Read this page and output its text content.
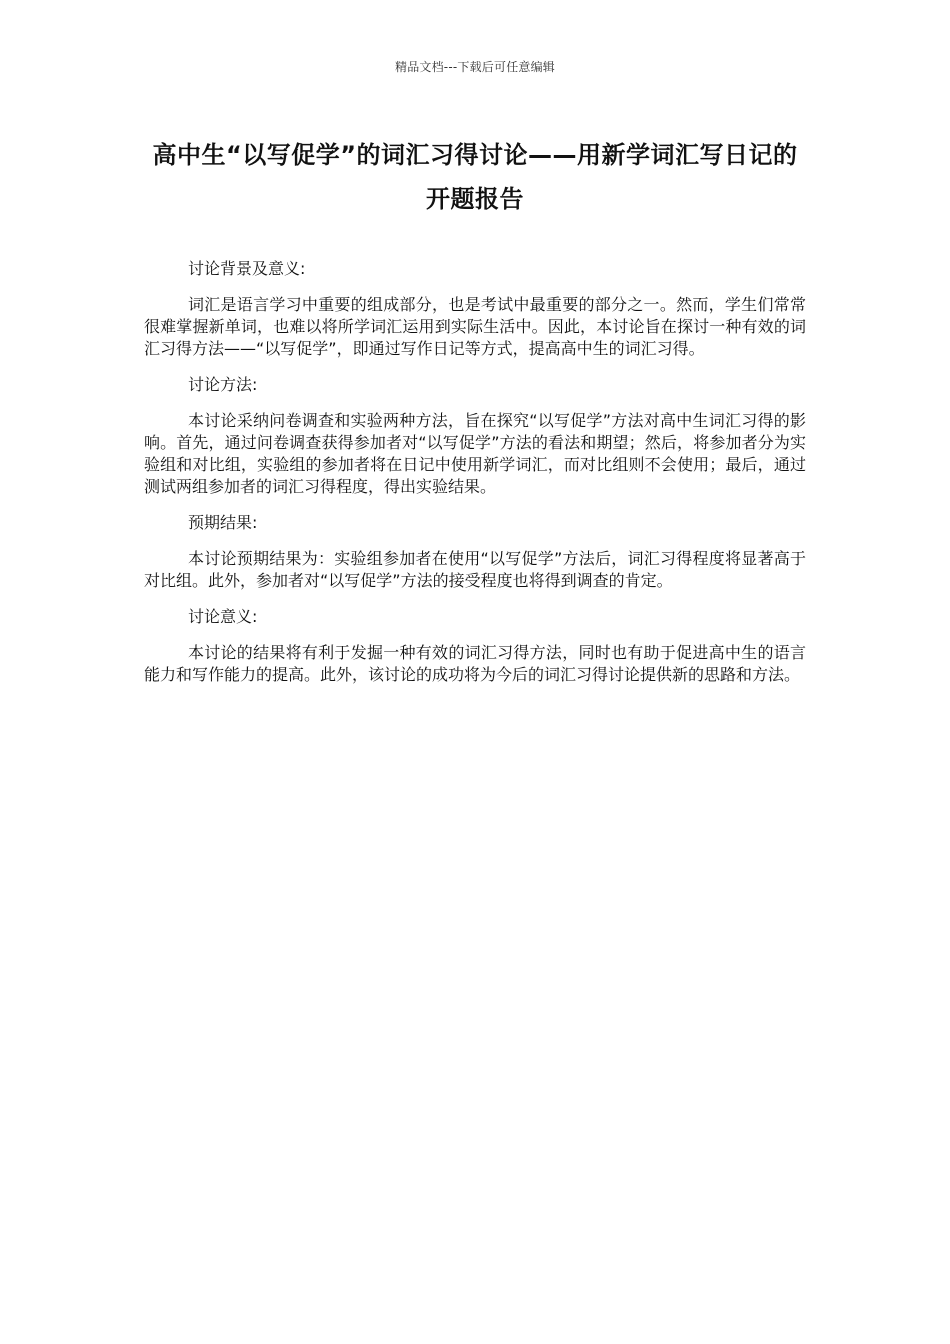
精品文档---下载后可任意编辑
高中生“以写促学”的词汇习得讨论——用新学词汇写日记的开题报告

讨论背景及意义:

词汇是语言学习中重要的组成部分，也是考试中最重要的部分之一。然而，学生们常常很难掌握新单词，也难以将所学词汇运用到实际生活中。因此，本讨论旨在探讨一种有效的词汇习得方法——“以写促学”，即通过写作日记等方式，提高高中生的词汇习得。

讨论方法:

本讨论采纳问卷调查和实验两种方法，旨在探究“以写促学”方法对高中生词汇习得的影响。首先，通过问卷调查获得参加者对“以写促学”方法的看法和期望；然后，将参加者分为实验组和对比组，实验组的参加者将在日记中使用新学词汇，而对比组则不会使用；最后，通过测试两组参加者的词汇习得程度，得出实验结果。

预期结果:

本讨论预期结果为：实验组参加者在使用“以写促学”方法后，词汇习得程度将显著高于对比组。此外，参加者对“以写促学”方法的接受程度也将得到调查的肯定。

讨论意义:

本讨论的结果将有利于发掘一种有效的词汇习得方法，同时也有助于促进高中生的语言能力和写作能力的提高。此外，该讨论的成功将为今后的词汇习得讨论提供新的思路和方法。
